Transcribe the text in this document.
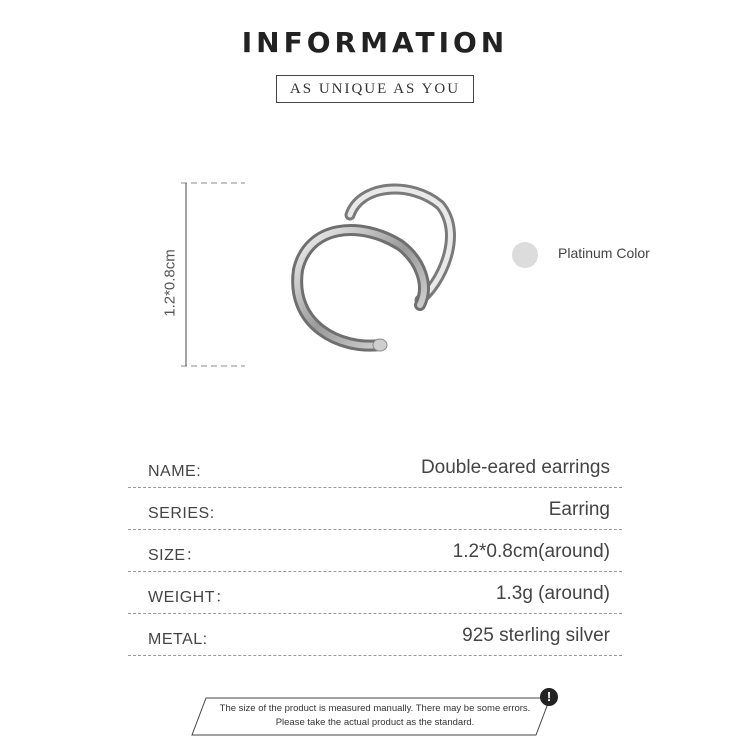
INFORMATION
AS UNIQUE AS YOU
1.2*0.8cm	Platinum Color
NAME:	Double-eared earrings
SERIES:	Earring
SIZE：	1.2*0.8cm(around)
WEIGHT：	1.3g (around)
METAL:	925 sterling silver
The size of the product is measured manually. There may be some errors.
Please take the actual product as the standard.
!
